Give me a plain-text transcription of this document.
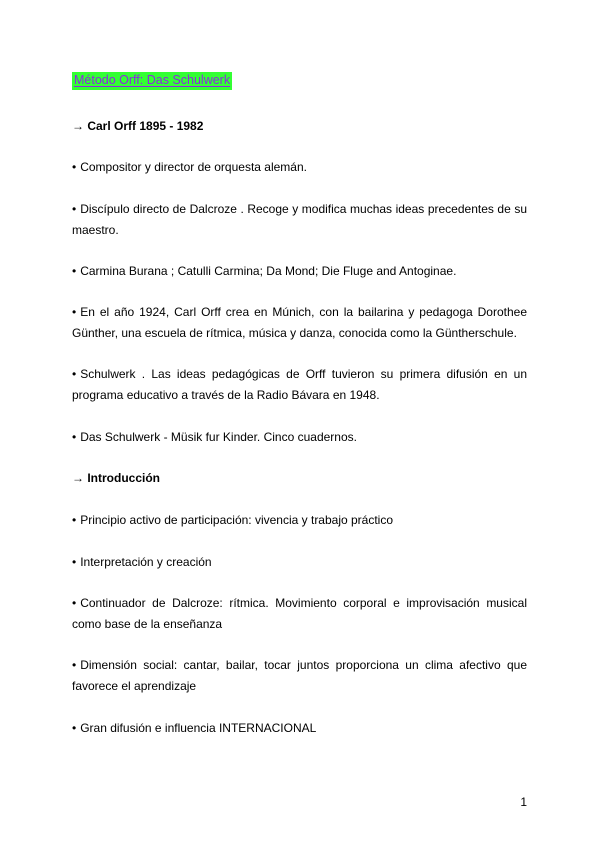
Método Orff: Das Schulwerk

→ Carl Orff 1895 - 1982

• Compositor y director de orquesta alemán.

• Discípulo directo de Dalcroze . Recoge y modifica muchas ideas precedentes de su maestro.

• Carmina Burana ; Catulli Carmina; Da Mond; Die Fluge and Antoginae.

• En el año 1924, Carl Orff crea en Múnich, con la bailarina y pedagoga Dorothee Günther, una escuela de rítmica, música y danza, conocida como la Güntherschule.

• Schulwerk . Las ideas pedagógicas de Orff tuvieron su primera difusión en un programa educativo a través de la Radio Bávara en 1948.

• Das Schulwerk - Müsik fur Kinder. Cinco cuadernos.

→ Introducción

• Principio activo de participación: vivencia y trabajo práctico

• Interpretación y creación

• Continuador de Dalcroze: rítmica. Movimiento corporal e improvisación musical como base de la enseñanza

• Dimensión social: cantar, bailar, tocar juntos proporciona un clima afectivo que favorece el aprendizaje

• Gran difusión e influencia INTERNACIONAL

1
